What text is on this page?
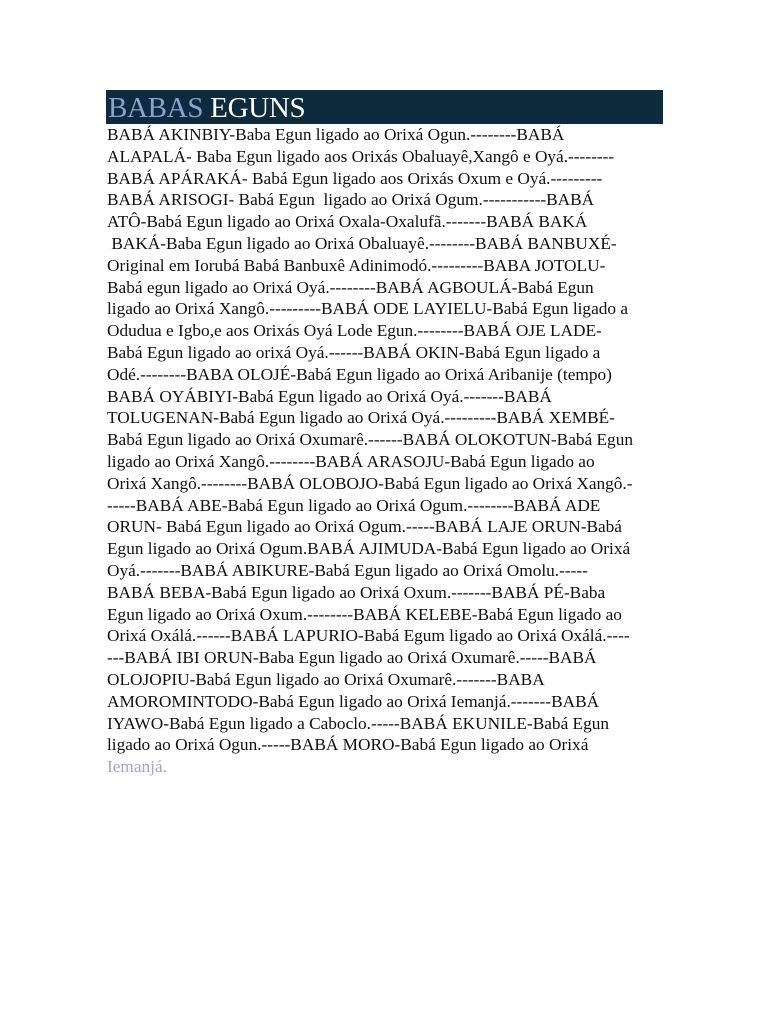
BABAS EGUNS
BABÁ AKINBIY-Baba Egun ligado ao Orixá Ogun.--------BABÁ
ALAPALÁ- Baba Egun ligado aos Orixás Obaluayê,Xangô e Oyá.--------
BABÁ APÁRAKÁ- Babá Egun ligado aos Orixás Oxum e Oyá.---------
BABÁ ARISOGI- Babá Egun  ligado ao Orixá Ogum.-----------BABÁ
ATÔ-Babá Egun ligado ao Orixá Oxala-Oxalufã.-------BABÁ BAKÁ
BAKÁ-Baba Egun ligado ao Orixá Obaluayê.--------BABÁ BANBUXÉ-
Original em Iorubá Babá Banbuxê Adinimodó.---------BABA JOTOLU-
Babá egun ligado ao Orixá Oyá.--------BABÁ AGBOULÁ-Babá Egun
ligado ao Orixá Xangô.---------BABÁ ODE LAYIELU-Babá Egun ligado a
Odudua e Igbo,e aos Orixás Oyá Lode Egun.--------BABÁ OJE LADE-
Babá Egun ligado ao orixá Oyá.------BABÁ OKIN-Babá Egun ligado a
Odé.--------BABA OLOJÉ-Babá Egun ligado ao Orixá Aribanije (tempo)
BABÁ OYÁBIYI-Babá Egun ligado ao Orixá Oyá.-------BABÁ
TOLUGENAN-Babá Egun ligado ao Orixá Oyá.---------BABÁ XEMBÉ-
Babá Egun ligado ao Orixá Oxumarê.------BABÁ OLOKOTUN-Babá Egun
ligado ao Orixá Xangô.--------BABÁ ARASOJU-Babá Egun ligado ao
Orixá Xangô.--------BABÁ OLOBOJO-Babá Egun ligado ao Orixá Xangô.-
-----BABÁ ABE-Babá Egun ligado ao Orixá Ogum.--------BABÁ ADE
ORUN- Babá Egun ligado ao Orixá Ogum.-----BABÁ LAJE ORUN-Babá
Egun ligado ao Orixá Ogum.BABÁ AJIMUDA-Babá Egun ligado ao Orixá
Oyá.-------BABÁ ABIKURE-Babá Egun ligado ao Orixá Omolu.-----
BABÁ BEBA-Babá Egun ligado ao Orixá Oxum.-------BABÁ PÉ-Baba
Egun ligado ao Orixá Oxum.--------BABÁ KELEBE-Babá Egun ligado ao
Orixá Oxálá.------BABÁ LAPURIO-Babá Egum ligado ao Orixá Oxálá.----
---BABÁ IBI ORUN-Baba Egun ligado ao Orixá Oxumarê.-----BABÁ
OLOJOPIU-Babá Egun ligado ao Orixá Oxumarê.-------BABA
AMOROMINTODO-Babá Egun ligado ao Orixá Iemanjá.-------BABÁ
IYAWO-Babá Egun ligado a Caboclo.-----BABÁ EKUNILE-Babá Egun
ligado ao Orixá Ogun.-----BABÁ MORO-Babá Egun ligado ao Orixá
Iemanjá.
